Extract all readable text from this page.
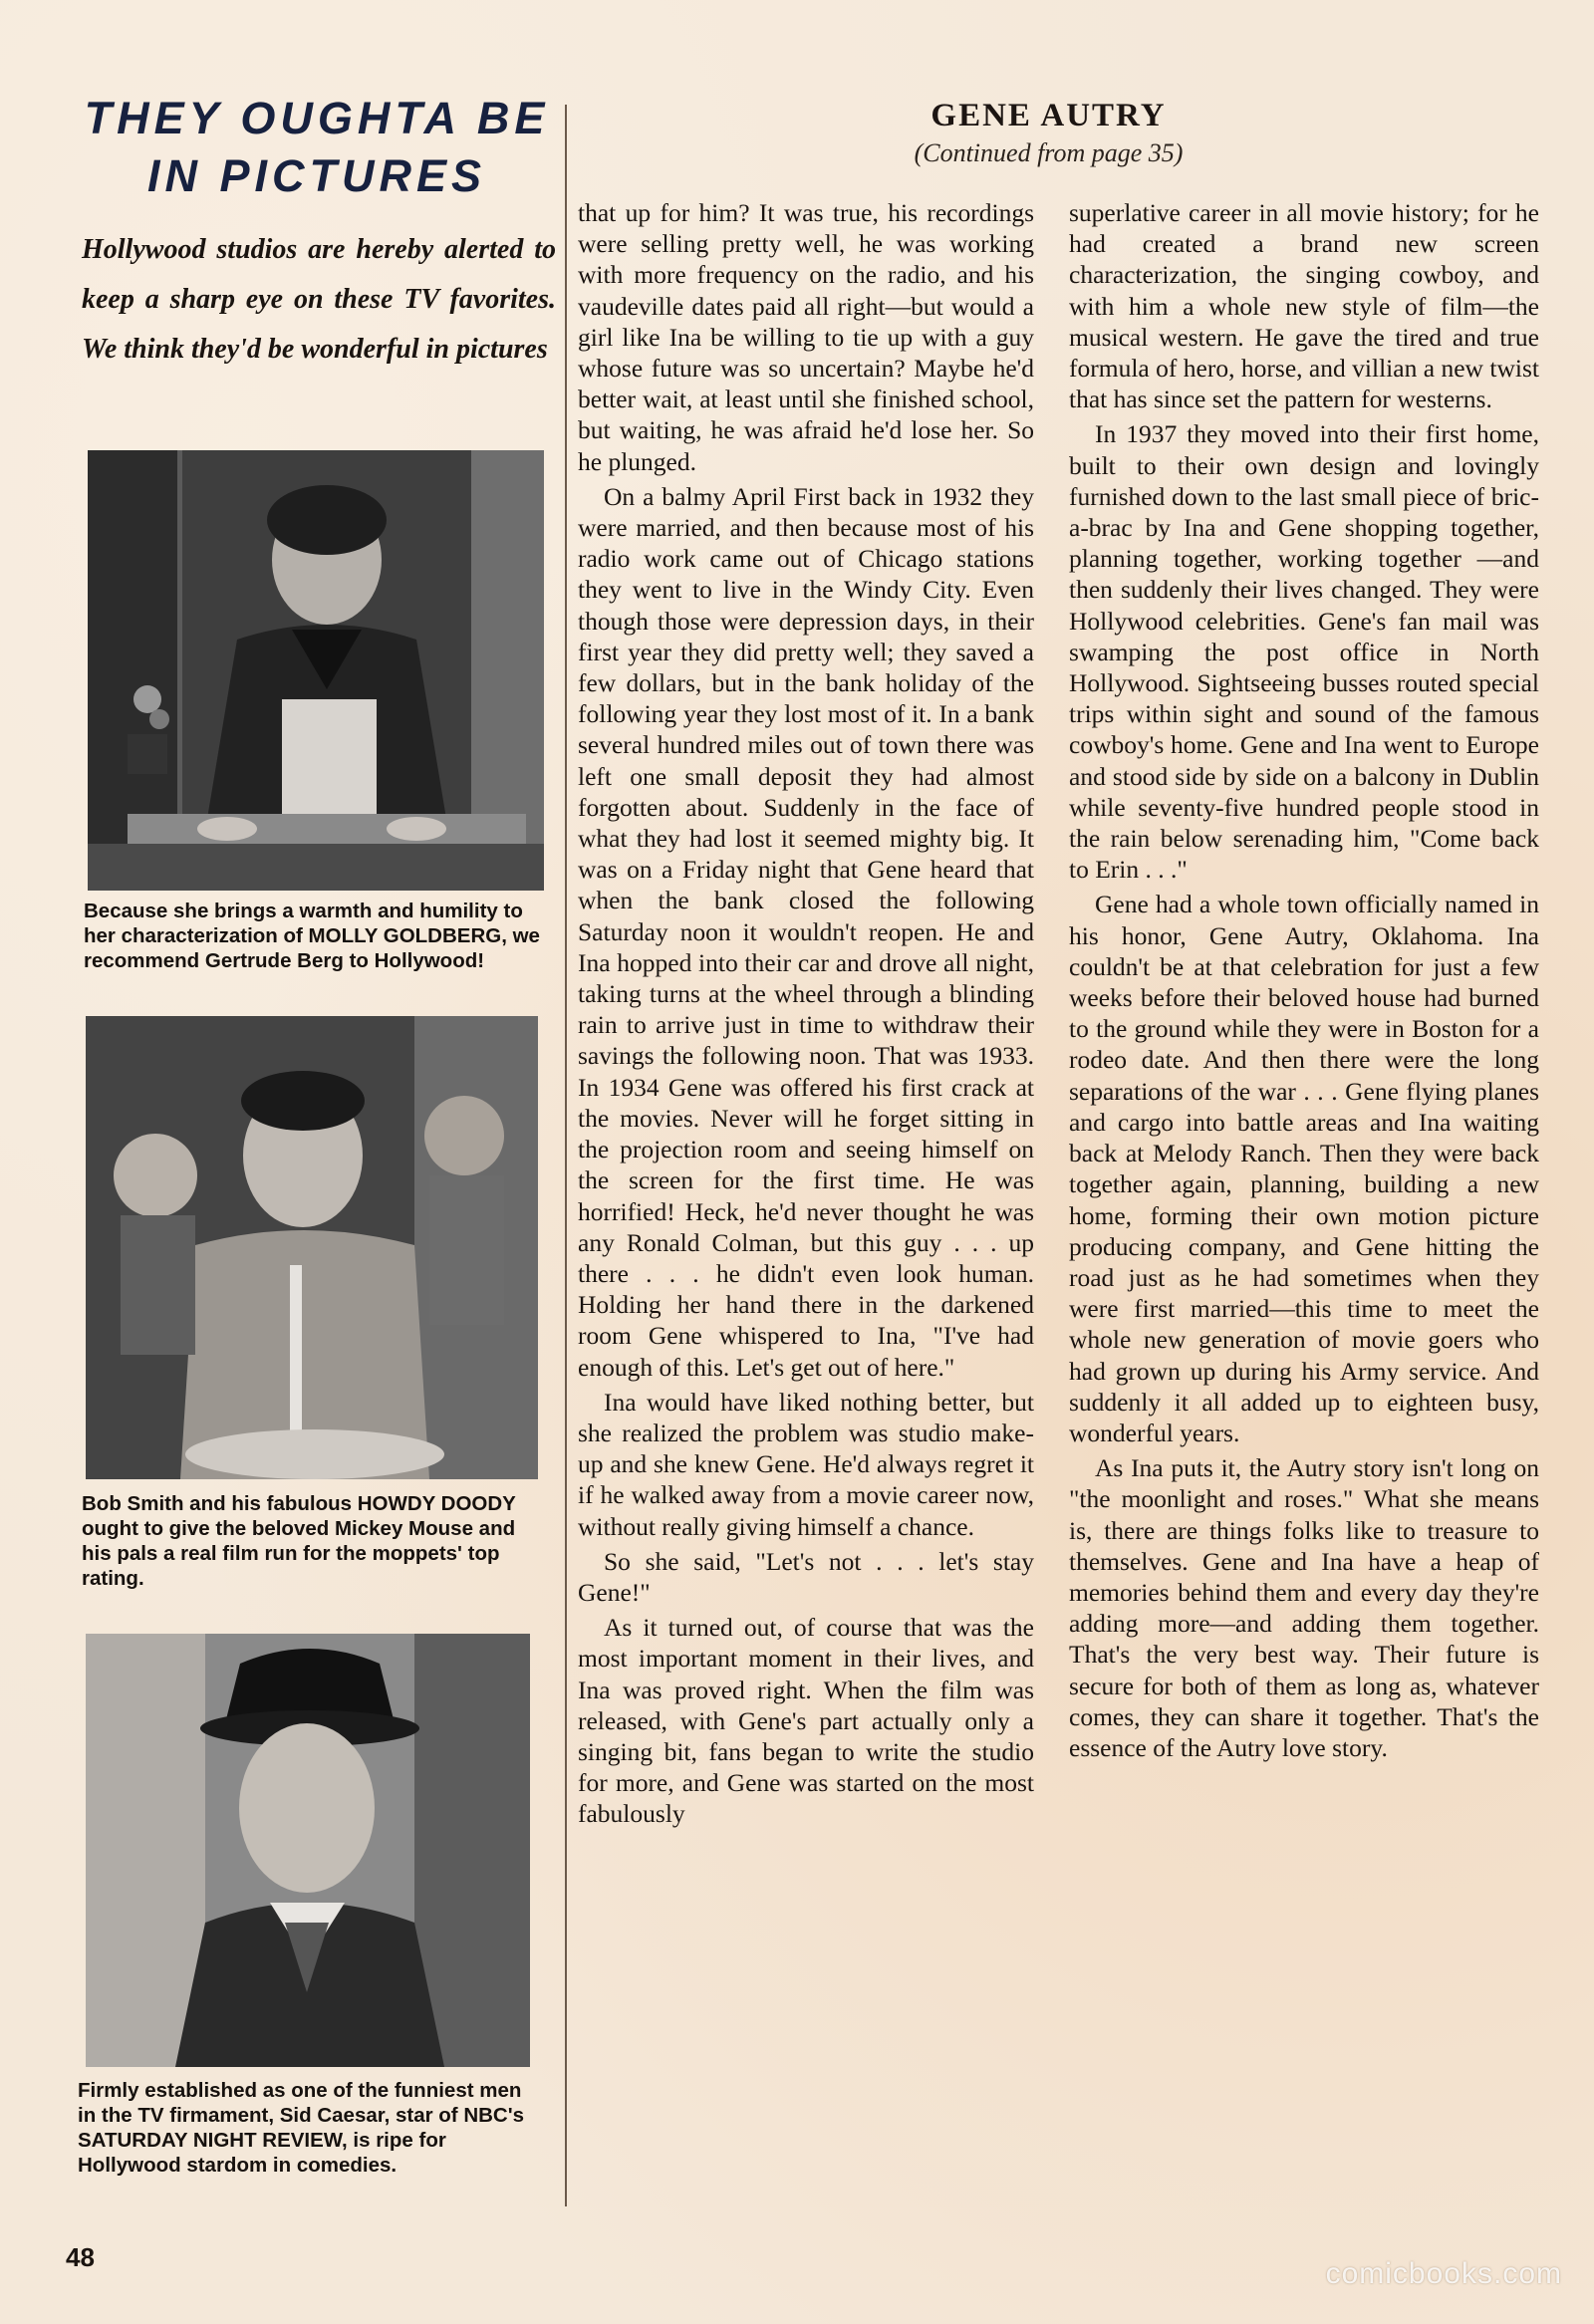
THEY OUGHTA BE
IN PICTURES

Hollywood studios are hereby alerted to keep a sharp eye on these TV favorites. We think they'd be wonderful in pictures

Because she brings a warmth and humility to her characterization of MOLLY GOLDBERG, we recommend Gertrude Berg to Hollywood!
Bob Smith and his fabulous HOWDY DOODY ought to give the beloved Mickey Mouse and his pals a real film run for the moppets' top rating.
Firmly established as one of the funniest men in the TV firmament, Sid Caesar, star of NBC's SATURDAY NIGHT REVIEW, is ripe for Hollywood stardom in comedies.
GENE AUTRY
(Continued from page 35)

that up for him? It was true, his recordings were selling pretty well, he was working with more frequency on the radio, and his vaudeville dates paid all right—but would a girl like Ina be willing to tie up with a guy whose future was so uncertain? Maybe he'd better wait, at least until she finished school, but waiting, he was afraid he'd lose her. So he plunged.

On a balmy April First back in 1932 they were married, and then because most of his radio work came out of Chicago stations they went to live in the Windy City. Even though those were depression days, in their first year they did pretty well; they saved a few dollars, but in the bank holiday of the following year they lost most of it. In a bank several hundred miles out of town there was left one small deposit they had almost forgotten about. Suddenly in the face of what they had lost it seemed mighty big. It was on a Friday night that Gene heard that when the bank closed the following Saturday noon it wouldn't reopen. He and Ina hopped into their car and drove all night, taking turns at the wheel through a blinding rain to arrive just in time to withdraw their savings the following noon. That was 1933. In 1934 Gene was offered his first crack at the movies. Never will he forget sitting in the projection room and seeing himself on the screen for the first time. He was horrified! Heck, he'd never thought he was any Ronald Colman, but this guy . . . up there . . . he didn't even look human. Holding her hand there in the darkened room Gene whispered to Ina, "I've had enough of this. Let's get out of here."

Ina would have liked nothing better, but she realized the problem was studio make-up and she knew Gene. He'd always regret it if he walked away from a movie career now, without really giving himself a chance.

So she said, "Let's not . . . let's stay Gene!"

As it turned out, of course that was the most important moment in their lives, and Ina was proved right. When the film was released, with Gene's part actually only a singing bit, fans began to write the studio for more, and Gene was started on the most fabulously

superlative career in all movie history; for he had created a brand new screen characterization, the singing cowboy, and with him a whole new style of film—the musical western. He gave the tired and true formula of hero, horse, and villian a new twist that has since set the pattern for westerns.

In 1937 they moved into their first home, built to their own design and lovingly furnished down to the last small piece of bric-a-brac by Ina and Gene shopping together, planning together, working together —and then suddenly their lives changed. They were Hollywood celebrities. Gene's fan mail was swamping the post office in North Hollywood. Sightseeing busses routed special trips within sight and sound of the famous cowboy's home. Gene and Ina went to Europe and stood side by side on a balcony in Dublin while seventy-five hundred people stood in the rain below serenading him, "Come back to Erin . . ."

Gene had a whole town officially named in his honor, Gene Autry, Oklahoma. Ina couldn't be at that celebration for just a few weeks before their beloved house had burned to the ground while they were in Boston for a rodeo date. And then there were the long separations of the war . . . Gene flying planes and cargo into battle areas and Ina waiting back at Melody Ranch. Then they were back together again, planning, building a new home, forming their own motion picture producing company, and Gene hitting the road just as he had sometimes when they were first married—this time to meet the whole new generation of movie goers who had grown up during his Army service. And suddenly it all added up to eighteen busy, wonderful years.

As Ina puts it, the Autry story isn't long on "the moonlight and roses." What she means is, there are things folks like to treasure to themselves. Gene and Ina have a heap of memories behind them and every day they're adding more—and adding them together. That's the very best way. Their future is secure for both of them as long as, whatever comes, they can share it together. That's the essence of the Autry love story.

48	comicbooks.com
